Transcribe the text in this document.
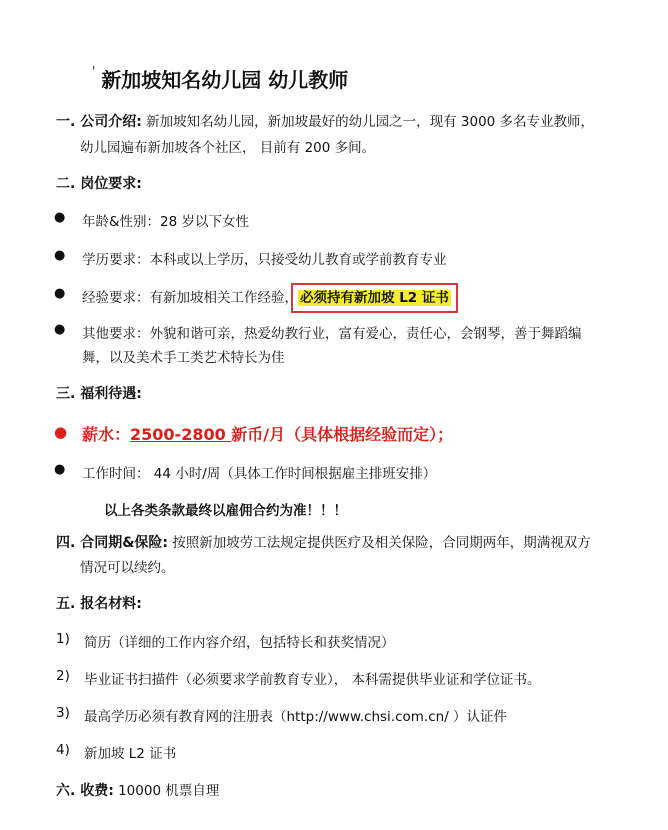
' 新加坡知名幼儿园 幼儿教师
一. 公司介绍: 新加坡知名幼儿园，新加坡最好的幼儿园之一，现有 3000 多名专业教师，
幼儿园遍布新加坡各个社区， 目前有 200 多间。
二. 岗位要求:
● 年龄&性别：28 岁以下女性
● 学历要求：本科或以上学历，只接受幼儿教育或学前教育专业
● 经验要求：有新加坡相关工作经验， 必须持有新加坡 L2 证书
● 其他要求：外貌和谐可亲，热爱幼教行业，富有爱心，责任心，会钢琴，善于舞蹈编
舞，以及美术手工类艺术特长为佳
三. 福利待遇:
● 薪水：2500-2800 新币/月（具体根据经验而定）；
● 工作时间： 44 小时/周（具体工作时间根据雇主排班安排）
以上各类条款最终以雇佣合约为准！！！
四. 合同期&保险: 按照新加坡劳工法规定提供医疗及相关保险，合同期两年，期满视双方
情况可以续约。
五. 报名材料:
1) 简历（详细的工作内容介绍，包括特长和获奖情况）
2) 毕业证书扫描件（必须要求学前教育专业）， 本科需提供毕业证和学位证书。
3) 最高学历必须有教育网的注册表（http://www.chsi.com.cn/ ）认证件
4) 新加坡 L2 证书
六. 收费: 10000 机票自理
